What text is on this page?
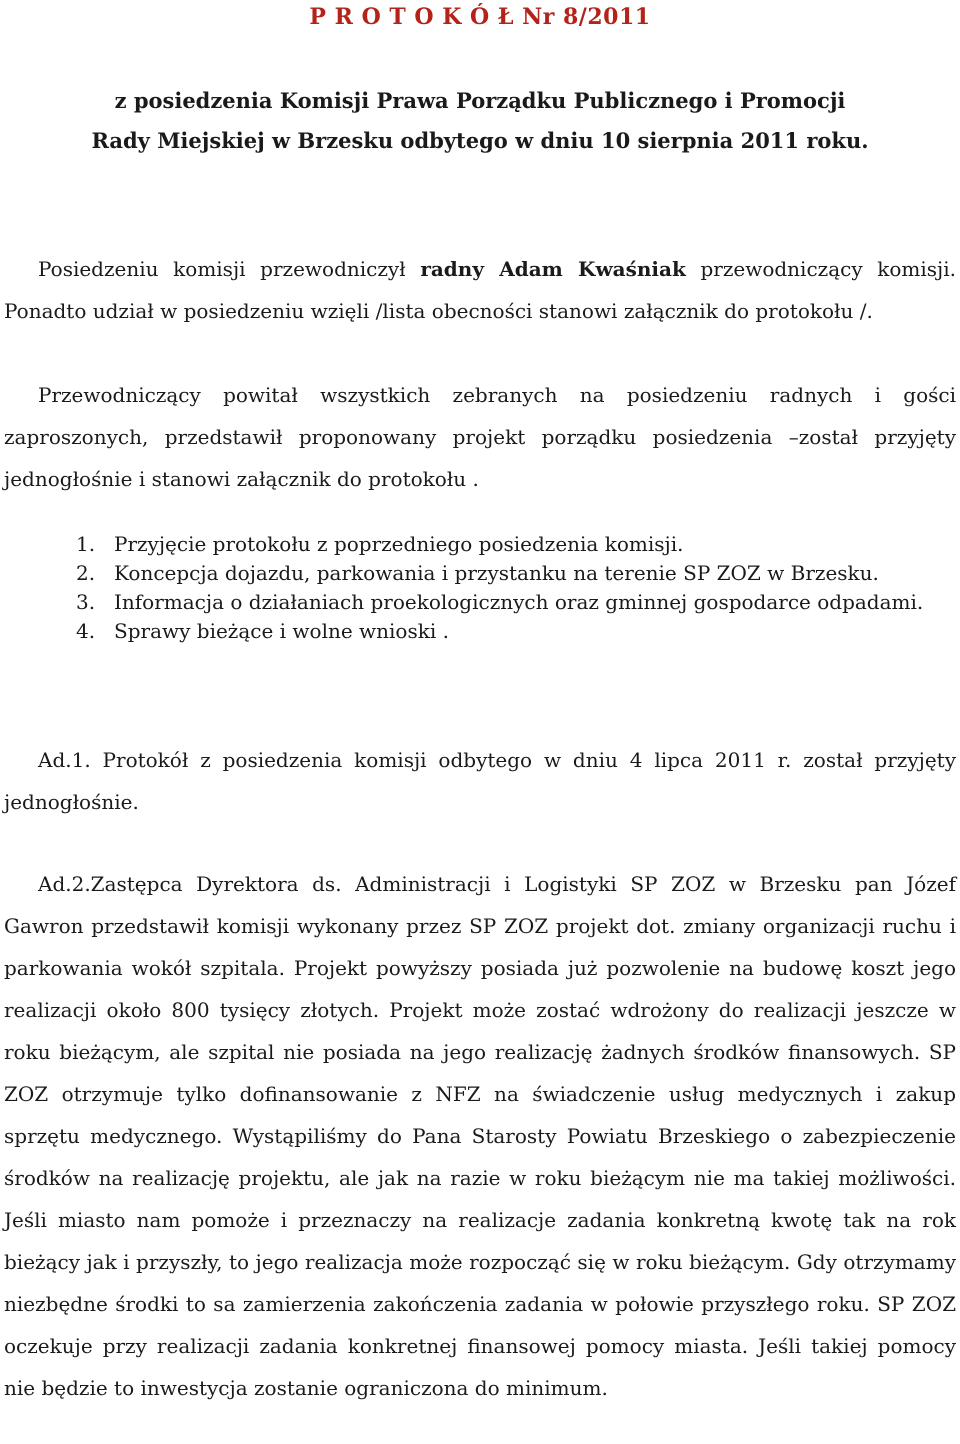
P R O T O K Ó Ł Nr 8/2011
z posiedzenia Komisji Prawa Porządku Publicznego i Promocji
Rady Miejskiej w Brzesku odbytego w dniu 10 sierpnia 2011 roku.

Posiedzeniu komisji przewodniczył radny Adam Kwaśniak przewodniczący komisji. Ponadto udział w posiedzeniu wzięli /lista obecności stanowi załącznik do protokołu /.

Przewodniczący powitał wszystkich zebranych na posiedzeniu radnych i gości zaproszonych, przedstawił proponowany projekt porządku posiedzenia –został przyjęty jednogłośnie i stanowi załącznik do protokołu .

1. Przyjęcie protokołu z poprzedniego posiedzenia komisji.
2. Koncepcja dojazdu, parkowania i przystanku na terenie SP ZOZ w Brzesku.
3. Informacja o działaniach proekologicznych oraz gminnej gospodarce odpadami.
4. Sprawy bieżące i wolne wnioski .

Ad.1. Protokół z posiedzenia komisji odbytego w dniu 4 lipca 2011 r. został przyjęty jednogłośnie.

Ad.2.Zastępca Dyrektora ds. Administracji i Logistyki SP ZOZ w Brzesku pan Józef Gawron przedstawił komisji wykonany przez SP ZOZ projekt dot. zmiany organizacji ruchu i parkowania wokół szpitala. Projekt powyższy posiada już pozwolenie na budowę koszt jego realizacji około 800 tysięcy złotych. Projekt może zostać wdrożony do realizacji jeszcze w roku bieżącym, ale szpital nie posiada na jego realizację żadnych środków finansowych. SP ZOZ otrzymuje tylko dofinansowanie z NFZ na świadczenie usług medycznych i zakup sprzętu medycznego. Wystąpiliśmy do Pana Starosty Powiatu Brzeskiego o zabezpieczenie środków na realizację projektu, ale jak na razie w roku bieżącym nie ma takiej możliwości. Jeśli miasto nam pomoże i przeznaczy na realizacje zadania konkretną kwotę tak na rok bieżący jak i przyszły, to jego realizacja może rozpocząć się w roku bieżącym. Gdy otrzymamy niezbędne środki to sa zamierzenia zakończenia zadania w połowie przyszłego roku. SP ZOZ oczekuje przy realizacji zadania konkretnej finansowej pomocy miasta. Jeśli takiej pomocy nie będzie to inwestycja zostanie ograniczona do minimum.
